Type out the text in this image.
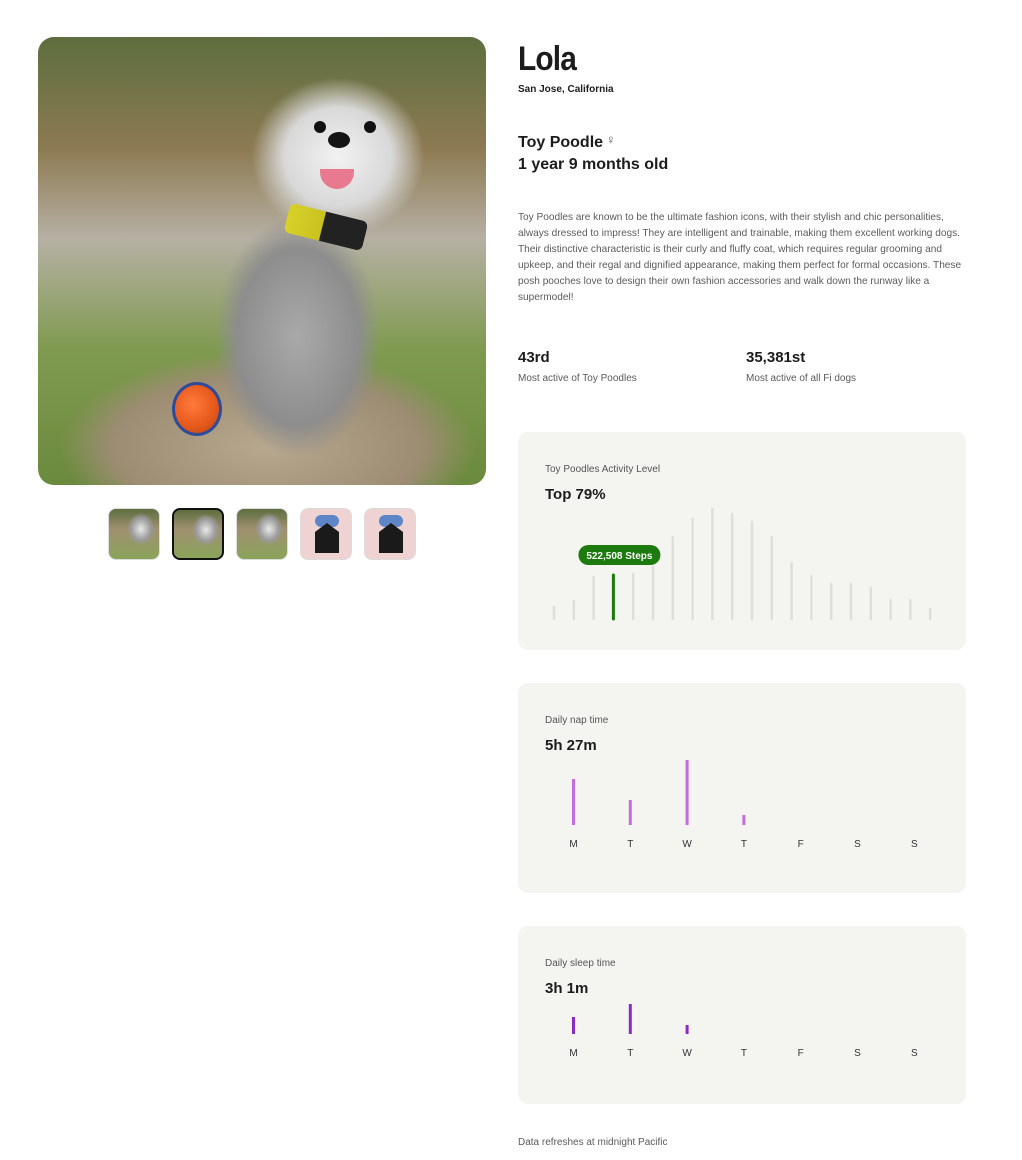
Lola
San Jose, California
Toy Poodle ♀
1 year 9 months old

Toy Poodles are known to be the ultimate fashion icons, with their stylish and chic personalities, always dressed to impress! They are intelligent and trainable, making them excellent working dogs. Their distinctive characteristic is their curly and fluffy coat, which requires regular grooming and upkeep, and their regal and dignified appearance, making them perfect for formal occasions. These posh pooches love to design their own fashion accessories and walk down the runway like a supermodel!

43rd
Most active of Toy Poodles
35,381st
Most active of all Fi dogs
Toy Poodles Activity Level
Top 79%
522,508 Steps
Daily nap time
5h 27m
M	T	W	T	F	S	S
Daily sleep time
3h 1m
M	T	W	T	F	S	S
Data refreshes at midnight Pacific
